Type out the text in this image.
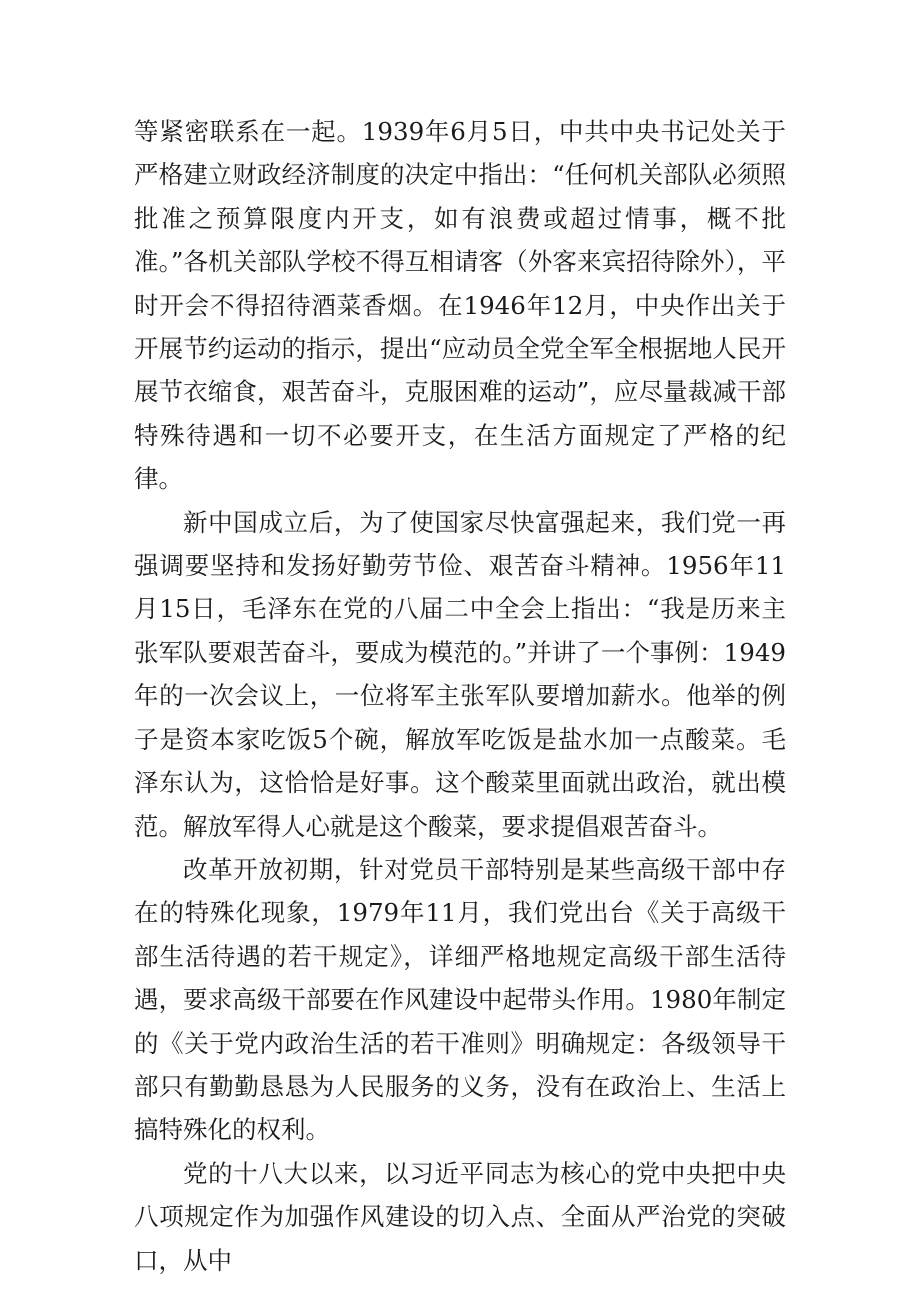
等紧密联系在一起。1939年6月5日，中共中央书记处关于严格建立财政经济制度的决定中指出：“任何机关部队必须照批准之预算限度内开支，如有浪费或超过情事，概不批准。”各机关部队学校不得互相请客（外客来宾招待除外），平时开会不得招待酒菜香烟。在1946年12月，中央作出关于开展节约运动的指示，提出“应动员全党全军全根据地人民开展节衣缩食，艰苦奋斗，克服困难的运动”，应尽量裁减干部特殊待遇和一切不必要开支，在生活方面规定了严格的纪律。

新中国成立后，为了使国家尽快富强起来，我们党一再强调要坚持和发扬好勤劳节俭、艰苦奋斗精神。1956年11月15日，毛泽东在党的八届二中全会上指出：“我是历来主张军队要艰苦奋斗，要成为模范的。”并讲了一个事例：1949年的一次会议上，一位将军主张军队要增加薪水。他举的例子是资本家吃饭5个碗，解放军吃饭是盐水加一点酸菜。毛泽东认为，这恰恰是好事。这个酸菜里面就出政治，就出模范。解放军得人心就是这个酸菜，要求提倡艰苦奋斗。

改革开放初期，针对党员干部特别是某些高级干部中存在的特殊化现象，1979年11月，我们党出台《关于高级干部生活待遇的若干规定》，详细严格地规定高级干部生活待遇，要求高级干部要在作风建设中起带头作用。1980年制定的《关于党内政治生活的若干准则》明确规定：各级领导干部只有勤勤恳恳为人民服务的义务，没有在政治上、生活上搞特殊化的权利。

党的十八大以来，以习近平同志为核心的党中央把中央八项规定作为加强作风建设的切入点、全面从严治党的突破口，从中
